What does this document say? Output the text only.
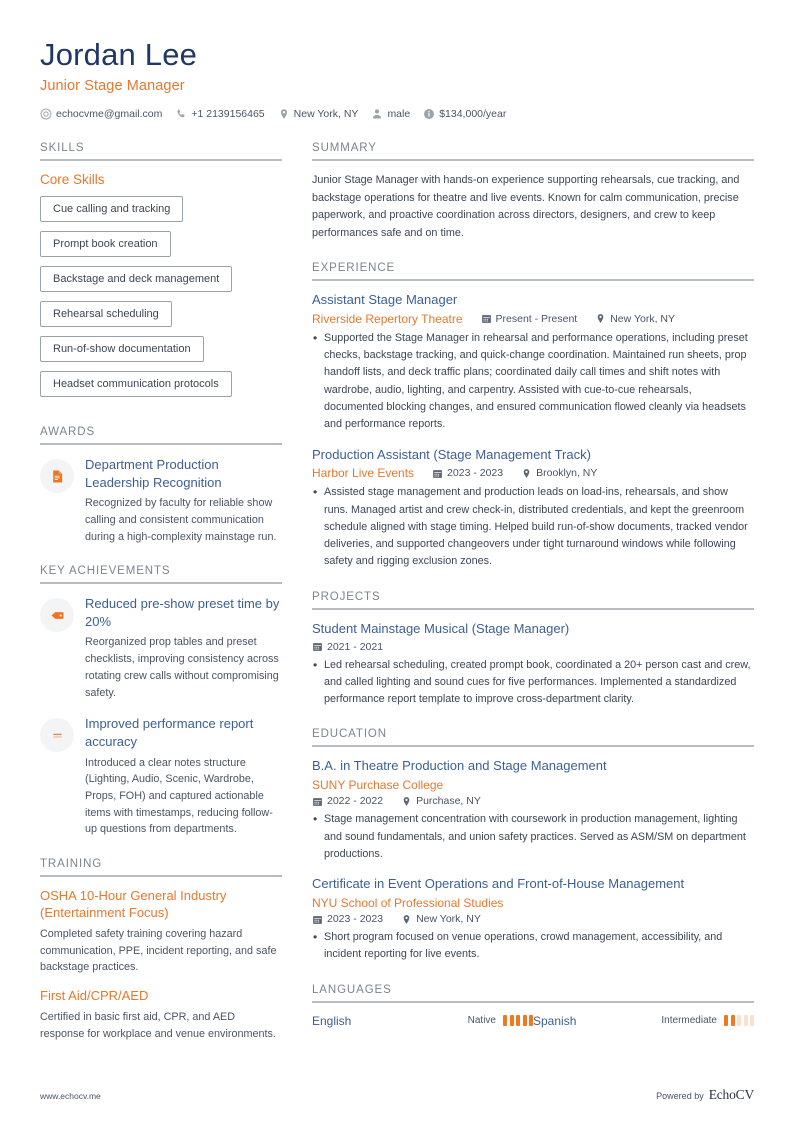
Jordan Lee
Junior Stage Manager
echocvme@gmail.com	+1 2139156465	New York, NY	male	$134,000/year
SKILLS
Core Skills
Cue calling and tracking
Prompt book creation
Backstage and deck management
Rehearsal scheduling
Run-of-show documentation
Headset communication protocols
AWARDS
Department Production Leadership Recognition
Recognized by faculty for reliable show calling and consistent communication during a high-complexity mainstage run.
KEY ACHIEVEMENTS
Reduced pre-show preset time by 20%
Reorganized prop tables and preset checklists, improving consistency across rotating crew calls without compromising safety.
Improved performance report accuracy
Introduced a clear notes structure (Lighting, Audio, Scenic, Wardrobe, Props, FOH) and captured actionable items with timestamps, reducing follow-up questions from departments.
TRAINING
OSHA 10-Hour General Industry (Entertainment Focus)
Completed safety training covering hazard communication, PPE, incident reporting, and safe backstage practices.
First Aid/CPR/AED
Certified in basic first aid, CPR, and AED response for workplace and venue environments.
SUMMARY
Junior Stage Manager with hands-on experience supporting rehearsals, cue tracking, and backstage operations for theatre and live events. Known for calm communication, precise paperwork, and proactive coordination across directors, designers, and crew to keep performances safe and on time.
EXPERIENCE
Assistant Stage Manager
Riverside Repertory Theatre	Present - Present	New York, NY
• Supported the Stage Manager in rehearsal and performance operations, including preset checks, backstage tracking, and quick-change coordination. Maintained run sheets, prop handoff lists, and deck traffic plans; coordinated daily call times and shift notes with wardrobe, audio, lighting, and carpentry. Assisted with cue-to-cue rehearsals, documented blocking changes, and ensured communication flowed cleanly via headsets and performance reports.
Production Assistant (Stage Management Track)
Harbor Live Events	2023 - 2023	Brooklyn, NY
• Assisted stage management and production leads on load-ins, rehearsals, and show runs. Managed artist and crew check-in, distributed credentials, and kept the greenroom schedule aligned with stage timing. Helped build run-of-show documents, tracked vendor deliveries, and supported changeovers under tight turnaround windows while following safety and rigging exclusion zones.
PROJECTS
Student Mainstage Musical (Stage Manager)
2021 - 2021
• Led rehearsal scheduling, created prompt book, coordinated a 20+ person cast and crew, and called lighting and sound cues for five performances. Implemented a standardized performance report template to improve cross-department clarity.
EDUCATION
B.A. in Theatre Production and Stage Management
SUNY Purchase College
2022 - 2022	Purchase, NY
• Stage management concentration with coursework in production management, lighting and sound fundamentals, and union safety practices. Served as ASM/SM on department productions.
Certificate in Event Operations and Front-of-House Management
NYU School of Professional Studies
2023 - 2023	New York, NY
• Short program focused on venue operations, crowd management, accessibility, and incident reporting for live events.
LANGUAGES
English	Native	Spanish	Intermediate
www.echocv.me	Powered by EchoCV
